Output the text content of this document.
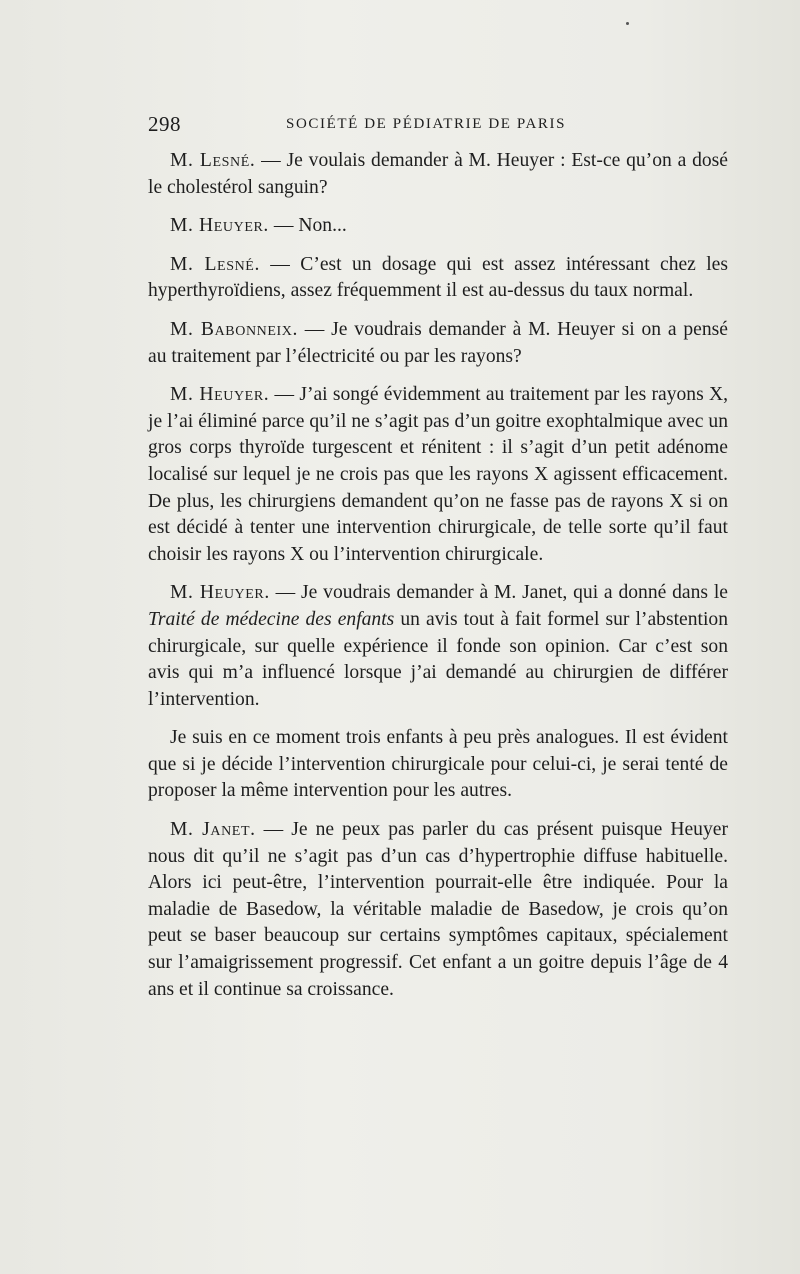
298	SOCIÉTÉ DE PÉDIATRIE DE PARIS

M. Lesné. — Je voulais demander à M. Heuyer : Est-ce qu’on a dosé le cholestérol sanguin?

M. Heuyer. — Non...

M. Lesné. — C’est un dosage qui est assez intéressant chez les hyperthyroïdiens, assez fréquemment il est au-dessus du taux normal.

M. Babonneix. — Je voudrais demander à M. Heuyer si on a pensé au traitement par l’électricité ou par les rayons?

M. Heuyer. — J’ai songé évidemment au traitement par les rayons X, je l’ai éliminé parce qu’il ne s’agit pas d’un goitre exophtalmique avec un gros corps thyroïde turgescent et rénitent : il s’agit d’un petit adénome localisé sur lequel je ne crois pas que les rayons X agissent efficacement. De plus, les chirurgiens demandent qu’on ne fasse pas de rayons X si on est décidé à tenter une intervention chirurgicale, de telle sorte qu’il faut choisir les rayons X ou l’intervention chirurgicale.

M. Heuyer. — Je voudrais demander à M. Janet, qui a donné dans le Traité de médecine des enfants un avis tout à fait formel sur l’abstention chirurgicale, sur quelle expérience il fonde son opinion. Car c’est son avis qui m’a influencé lorsque j’ai demandé au chirurgien de différer l’intervention.

Je suis en ce moment trois enfants à peu près analogues. Il est évident que si je décide l’intervention chirurgicale pour celui-ci, je serai tenté de proposer la même intervention pour les autres.

M. Janet. — Je ne peux pas parler du cas présent puisque Heuyer nous dit qu’il ne s’agit pas d’un cas d’hypertrophie diffuse habituelle. Alors ici peut-être, l’intervention pourrait-elle être indiquée. Pour la maladie de Basedow, la véritable maladie de Basedow, je crois qu’on peut se baser beaucoup sur certains symptômes capitaux, spécialement sur l’amaigrissement progressif. Cet enfant a un goitre depuis l’âge de 4 ans et il continue sa croissance.
